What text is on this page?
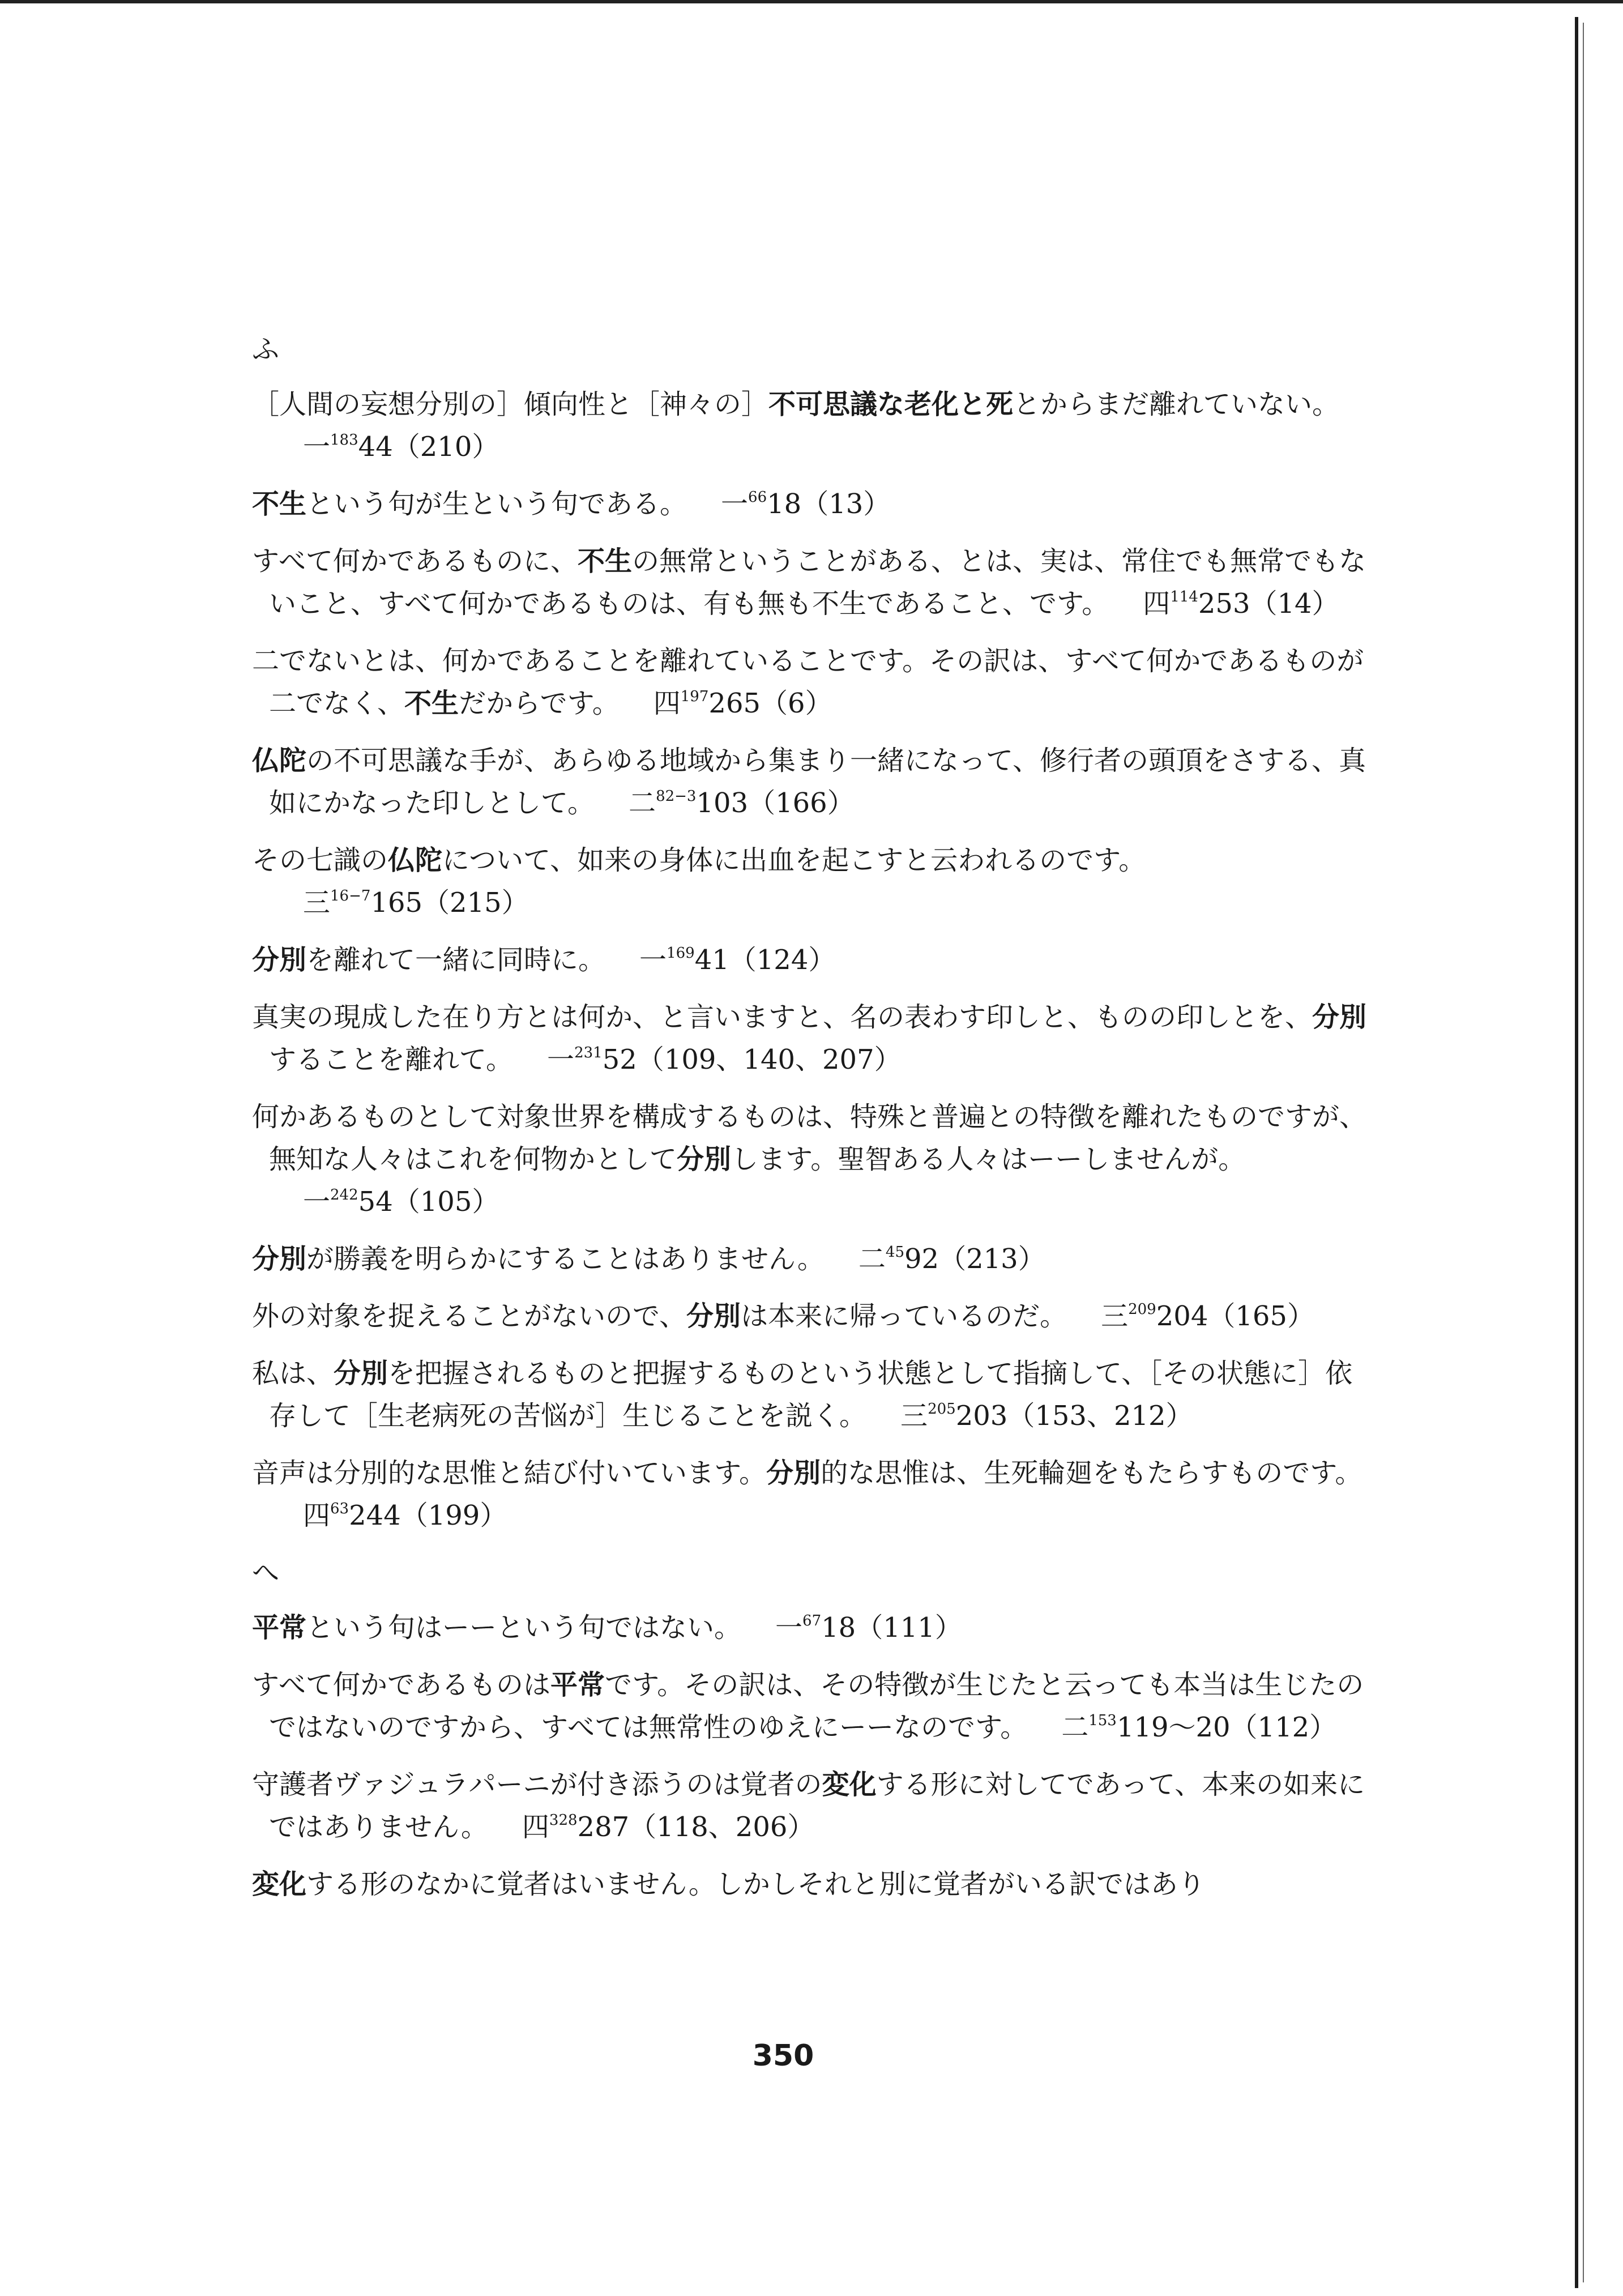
ふ
［人間の妄想分別の］傾向性と［神々の］不可思議な老化と死とからまだ離れていない。一$^{183}$44（210）
不生という句が生という句である。 一$^{66}$18（13）
すべて何かであるものに、不生の無常ということがある、とは、実は、常住でも無常でもないこと、すべて何かであるものは、有も無も不生であること、です。 四$^{114}$253（14）
二でないとは、何かであることを離れていることです。その訳は、すべて何かであるものが二でなく、不生だからです。 四$^{197}$265（6）
仏陀の不可思議な手が、あらゆる地域から集まり一緒になって、修行者の頭頂をさする、真如にかなった印しとして。 二$^{82-3}$103（166）
その七識の仏陀について、如来の身体に出血を起こすと云われるのです。三$^{16-7}$165（215）
分別を離れて一緒に同時に。 一$^{169}$41（124）
真実の現成した在り方とは何か、と言いますと、名の表わす印しと、ものの印しとを、分別することを離れて。 一$^{231}$52（109、140、207）
何かあるものとして対象世界を構成するものは、特殊と普遍との特徴を離れたものですが、無知な人々はこれを何物かとして分別します。聖智ある人々はーーしませんが。一$^{242}$54（105）
分別が勝義を明らかにすることはありません。 二$^{45}$92（213）
外の対象を捉えることがないので、分別は本来に帰っているのだ。 三$^{209}$204（165）
私は、分別を把握されるものと把握するものという状態として指摘して、［その状態に］依存して［生老病死の苦悩が］生じることを説く。 三$^{205}$203（153、212）
音声は分別的な思惟と結び付いています。分別的な思惟は、生死輪廻をもたらすものです。四$^{63}$244（199）
へ
平常という句はーーという句ではない。 一$^{67}$18（111）
すべて何かであるものは平常です。その訳は、その特徴が生じたと云っても本当は生じたのではないのですから、すべては無常性のゆえにーーなのです。 二$^{153}$119〜20（112）
守護者ヴァジュラパーニが付き添うのは覚者の変化する形に対してであって、本来の如来にではありません。 四$^{328}$287（118、206）
変化する形のなかに覚者はいません。しかしそれと別に覚者がいる訳ではあり
350
